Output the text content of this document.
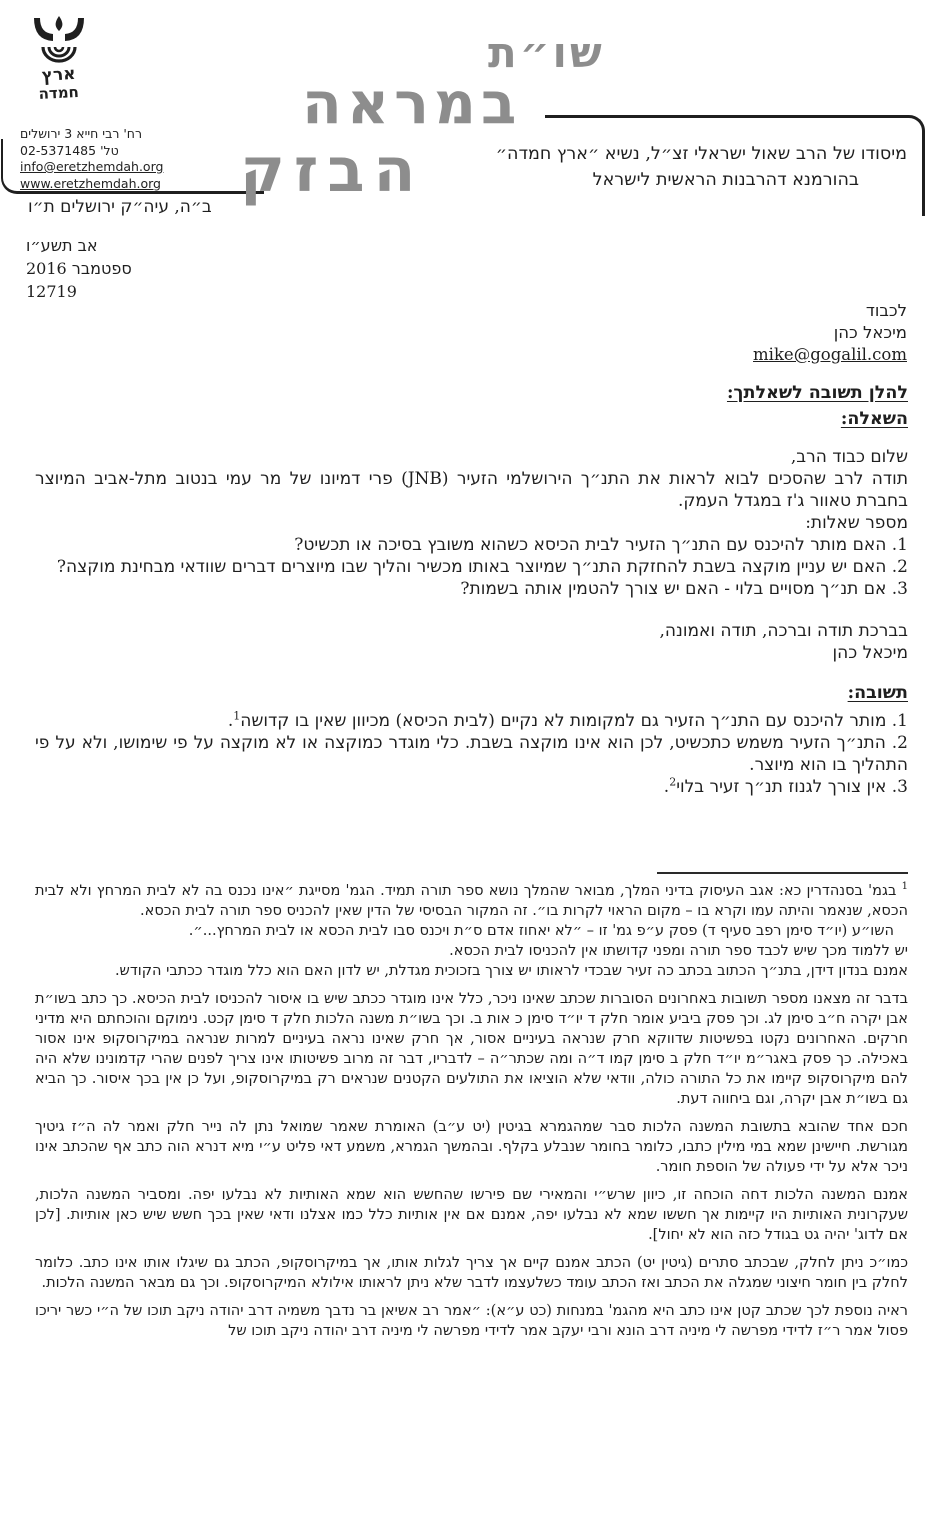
ארץ
חמדה
רח' רבי חייא 3 ירושלים
טל' 02-5371485
info@eretzhemdah.org
www.eretzhemdah.org
ב״ה, עיה״ק ירושלים ת״ו
שו״ת
במראה
הבזק	מיסודו של הרב שאול ישראלי זצ״ל, נשיא ״ארץ חמדה״
בהורמנא דהרבנות הראשית לישראל
אב תשע״ו
ספטמבר 2016
12719
לכבוד
מיכאל כהן
mike@gogalil.com
להלן תשובה לשאלתך:
השאלה:

שלום כבוד הרב,

תודה לרב שהסכים לבוא לראות את התנ״ך הירושלמי הזעיר (JNB) פרי דמיונו של מר עמי בנטוב מתל-אביב המיוצר בחברת טאוור ג'ז במגדל העמק.

מספר שאלות:

1. האם מותר להיכנס עם התנ״ך הזעיר לבית הכיסא כשהוא משובץ בסיכה או תכשיט?

2. האם יש עניין מוקצה בשבת להחזקת התנ״ך שמיוצר באותו מכשיר והליך שבו מיוצרים דברים שוודאי מבחינת מוקצה?

3. אם תנ״ך מסויים בלוי - האם יש צורך להטמין אותה בשמות?

בברכת תודה וברכה, תודה ואמונה,

מיכאל כהן

תשובה:

1. מותר להיכנס עם התנ״ך הזעיר גם למקומות לא נקיים (לבית הכיסא) מכיוון שאין בו קדושה$^1$.

2. התנ״ך הזעיר משמש כתכשיט, לכן הוא אינו מוקצה בשבת. כלי מוגדר כמוקצה או לא מוקצה על פי שימושו, ולא על פי התהליך בו הוא מיוצר.

3. אין צורך לגנוז תנ״ך זעיר בלוי$^2$.

$^1$ בגמ' בסנהדרין כא: אגב העיסוק בדיני המלך, מבואר שהמלך נושא ספר תורה תמיד. הגמ' מסייגת ״אינו נכנס בה לא לבית המרחץ ולא לבית הכסא, שנאמר והיתה עמו וקרא בו – מקום הראוי לקרות בו״. זה המקור הבסיסי של הדין שאין להכניס ספר תורה לבית הכסא.

השו״ע (יו״ד סימן רפב סעיף ד) פסק ע״פ גמ' זו – ״לא יאחוז אדם ס״ת ויכנס סבו לבית הכסא או לבית המרחץ...״.

יש ללמוד מכך שיש לכבד ספר תורה ומפני קדושתו אין להכניסו לבית הכסא.

אמנם בנדון דידן, בתנ״ך הכתוב בכתב כה זעיר שבכדי לראותו יש צורך בזכוכית מגדלת, יש לדון האם הוא כלל מוגדר ככתבי הקודש.

בדבר זה מצאנו מספר תשובות באחרונים הסוברות שכתב שאינו ניכר, כלל אינו מוגדר ככתב שיש בו איסור להכניסו לבית הכיסא. כך כתב בשו״ת אבן יקרה ח״ב סימן לג. וכך פסק ביביע אומר חלק ד יו״ד סימן כ אות ב. וכך בשו״ת משנה הלכות חלק ד סימן קכט. נימוקם והוכחתם היא מדיני חרקים. האחרונים נקטו בפשיטות שדווקא חרק שנראה בעיניים אסור, אך חרק שאינו נראה בעיניים למרות שנראה במיקרוסקופ אינו אסור באכילה. כך פסק באגר״מ יו״ד חלק ב סימן קמו ד״ה ומה שכתר״ה – לדבריו, דבר זה מרוב פשיטותו אינו צריך לפנים שהרי קדמונינו שלא היה להם מיקרוסקופ קיימו את כל התורה כולה, וודאי שלא הוציאו את התולעים הקטנים שנראים רק במיקרוסקופ, ועל כן אין בכך איסור. כך הביא גם בשו״ת אבן יקרה, וגם ביחווה דעת.

חכם אחד שהובא בתשובת המשנה הלכות סבר שמהגמרא בגיטין (יט ע״ב) האומרת שאמר שמואל נתן לה נייר חלק ואמר לה ה״ז גיטיך מגורשת. חיישינן שמא במי מילין כתבו, כלומר בחומר שנבלע בקלף. ובהמשך הגמרא, משמע דאי פליט ע״י מיא דנרא הוה כתב אף שהכתב אינו ניכר אלא על ידי פעולה של הוספת חומר.

אמנם המשנה הלכות דחה הוכחה זו, כיוון שרש״י והמאירי שם פירשו שהחשש הוא שמא האותיות לא נבלעו יפה. ומסביר המשנה הלכות, שעקרונית האותיות היו קיימות אך חששו שמא לא נבלעו יפה, אמנם אם אין אותיות כלל כמו אצלנו ודאי שאין בכך חשש שיש כאן אותיות. [לכן אם לדוג' יהיה גט בגודל כזה הוא לא יחול].

כמו״כ ניתן לחלק, שבכתב סתרים (גיטין יט) הכתב אמנם קיים אך צריך לגלות אותו, אך במיקרוסקופ, הכתב גם שיגלו אותו אינו כתב. כלומר לחלק בין חומר חיצוני שמגלה את הכתב ואז הכתב עומד כשלעצמו לדבר שלא ניתן לראותו אילולא המיקרוסקופ. וכך גם מבאר המשנה הלכות.

ראיה נוספת לכך שכתב קטן אינו כתב היא מהגמ' במנחות (כט ע״א): ״אמר רב אשיאן בר נדבך משמיה דרב יהודה ניקב תוכו של ה״י כשר יריכו פסול אמר ר״ז לדידי מפרשה לי מיניה דרב הונא ורבי יעקב אמר לדידי מפרשה לי מיניה דרב יהודה ניקב תוכו של
